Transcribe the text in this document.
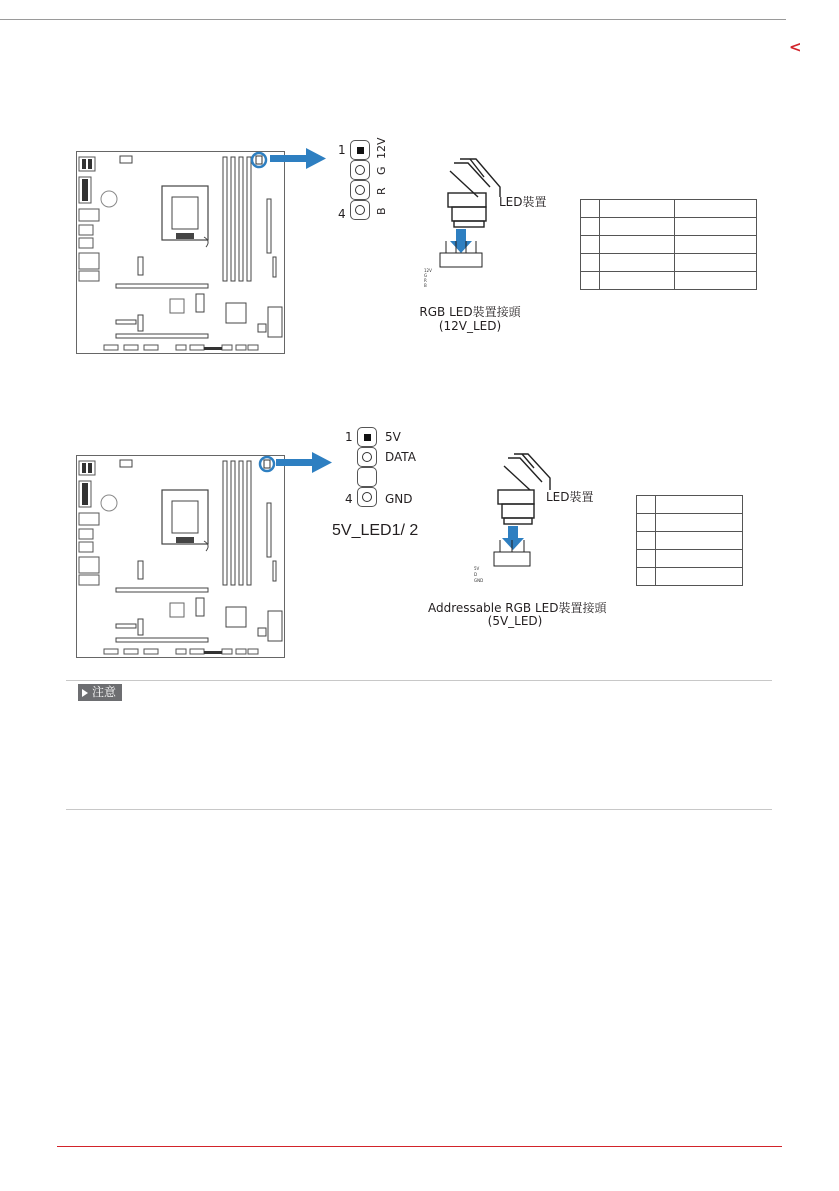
<
1
4
12V
G
R
B
12V
G
R
B
LED裝置
RGB LED裝置接頭
(12V_LED)

1
4
5V
DATA
GND
5V_LED1/ 2
5V
D
GND
LED裝置
Addressable RGB LED裝置接頭
(5V_LED)

注意
